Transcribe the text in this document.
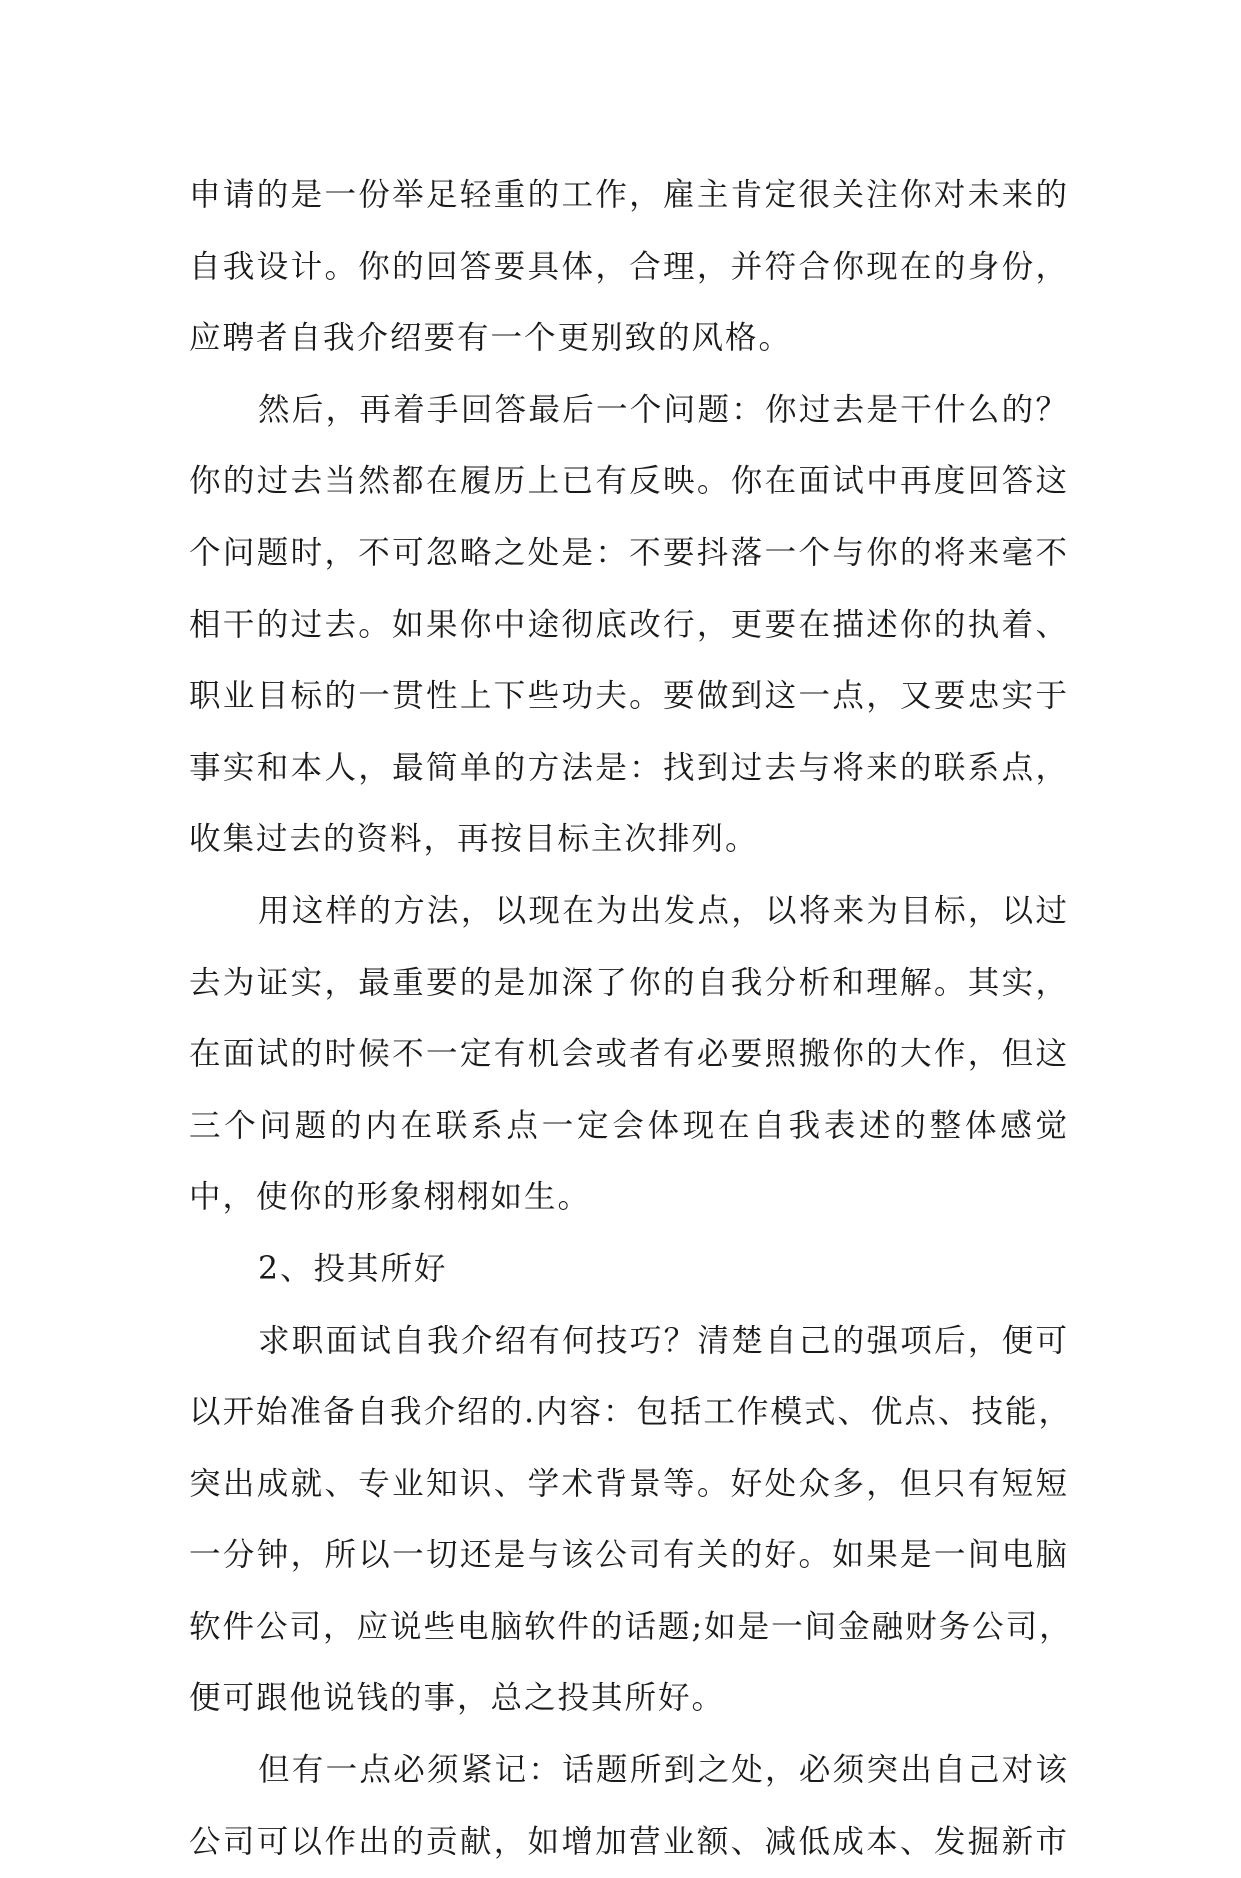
申请的是一份举足轻重的工作，雇主肯定很关注你对未来的
自我设计。你的回答要具体，合理，并符合你现在的身份，
应聘者自我介绍要有一个更别致的风格。
然后，再着手回答最后一个问题：你过去是干什么的？
你的过去当然都在履历上已有反映。你在面试中再度回答这
个问题时，不可忽略之处是：不要抖落一个与你的将来毫不
相干的过去。如果你中途彻底改行，更要在描述你的执着、
职业目标的一贯性上下些功夫。要做到这一点，又要忠实于
事实和本人，最简单的方法是：找到过去与将来的联系点，
收集过去的资料，再按目标主次排列。
用这样的方法，以现在为出发点，以将来为目标，以过
去为证实，最重要的是加深了你的自我分析和理解。其实，
在面试的时候不一定有机会或者有必要照搬你的大作，但这
三个问题的内在联系点一定会体现在自我表述的整体感觉
中，使你的形象栩栩如生。
2、投其所好
求职面试自我介绍有何技巧？清楚自己的强项后，便可
以开始准备自我介绍的.内容：包括工作模式、优点、技能，
突出成就、专业知识、学术背景等。好处众多，但只有短短
一分钟，所以一切还是与该公司有关的好。如果是一间电脑
软件公司，应说些电脑软件的话题;如是一间金融财务公司，
便可跟他说钱的事，总之投其所好。
但有一点必须紧记：话题所到之处，必须突出自己对该
公司可以作出的贡献，如增加营业额、减低成本、发掘新市
